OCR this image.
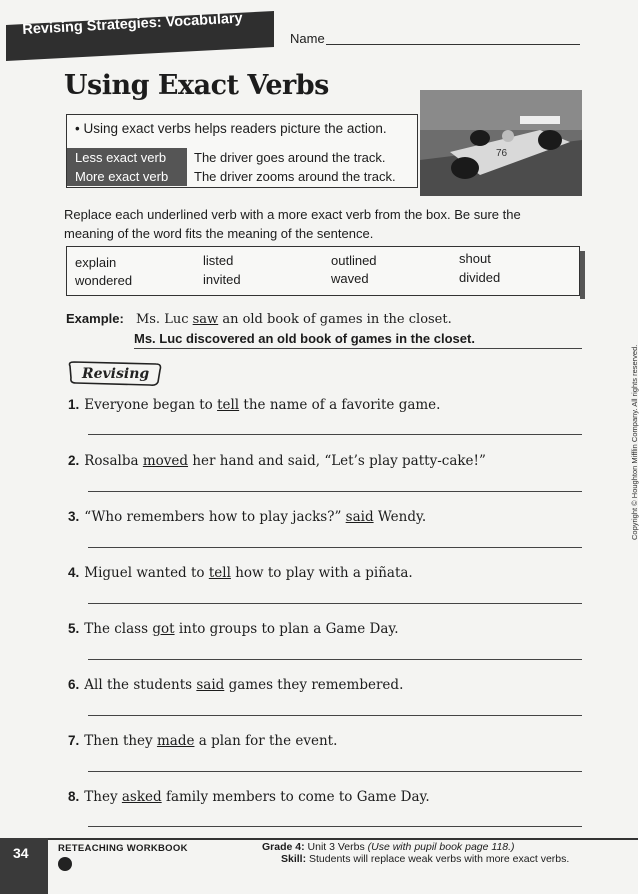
Revising Strategies: Vocabulary
Name
Using Exact Verbs
• Using exact verbs helps readers picture the action.
Less exact verb	The driver goes around the track.
More exact verb	The driver zooms around the track.
76
Replace each underlined verb with a more exact verb from the box. Be sure the meaning of the word fits the meaning of the sentence.
explain	listed	outlined	shout
wondered	invited	waved	divided
Example: Ms. Luc saw an old book of games in the closet.
Ms. Luc discovered an old book of games in the closet.
Revising
1. Everyone began to tell the name of a favorite game.
2. Rosalba moved her hand and said, “Let’s play patty-cake!”
3. “Who remembers how to play jacks?” said Wendy.
4. Miguel wanted to tell how to play with a piñata.
5. The class got into groups to plan a Game Day.
6. All the students said games they remembered.
7. Then they made a plan for the event.
8. They asked family members to come to Game Day.
34	RETEACHING WORKBOOK	Grade 4: Unit 3 Verbs (Use with pupil book page 118.)
Skill: Students will replace weak verbs with more exact verbs.
Copyright © Houghton Mifflin Company. All rights reserved.
